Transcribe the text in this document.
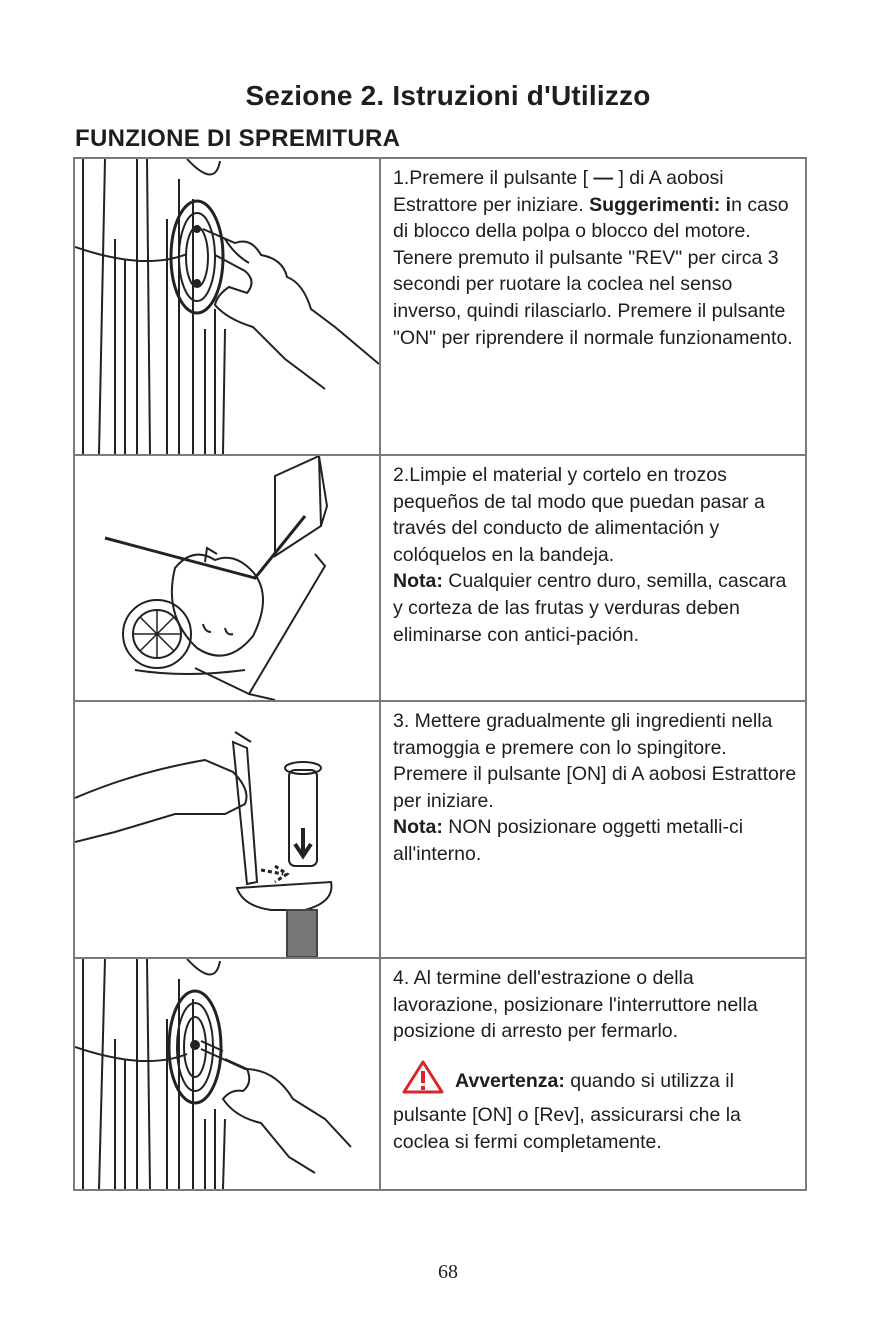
Sezione 2. Istruzioni d'Utilizzo
FUNZIONE DI SPREMITURA

1.Premere il pulsante [ — ] di A aobosi Estrattore per iniziare. Suggerimenti: in caso di blocco della polpa o blocco del motore. Tenere premuto il pulsante "REV" per circa 3 secondi per ruotare la coclea nel senso inverso, quindi rilasciarlo. Premere il pulsante "ON" per riprendere il normale funzionamento.

2.Limpie el material y cortelo en trozos pequeños de tal modo que puedan pasar a través del conducto de alimentación y colóquelos en la bandeja.

Nota: Cualquier centro duro, semilla, cascara y corteza de las frutas y verduras deben eliminarse con antici-pación.

3. Mettere gradualmente gli ingredienti nella tramoggia e premere con lo spingitore. Premere il pulsante [ON] di A aobosi Estrattore per iniziare.

Nota: NON posizionare oggetti metalli-ci all'interno.

4. Al termine dell'estrazione o della lavorazione, posizionare l'interruttore nella posizione di arresto per fermarlo.

Avvertenza: quando si utilizza il pulsante [ON] o [Rev], assicurarsi che la coclea si fermi completamente.

68
